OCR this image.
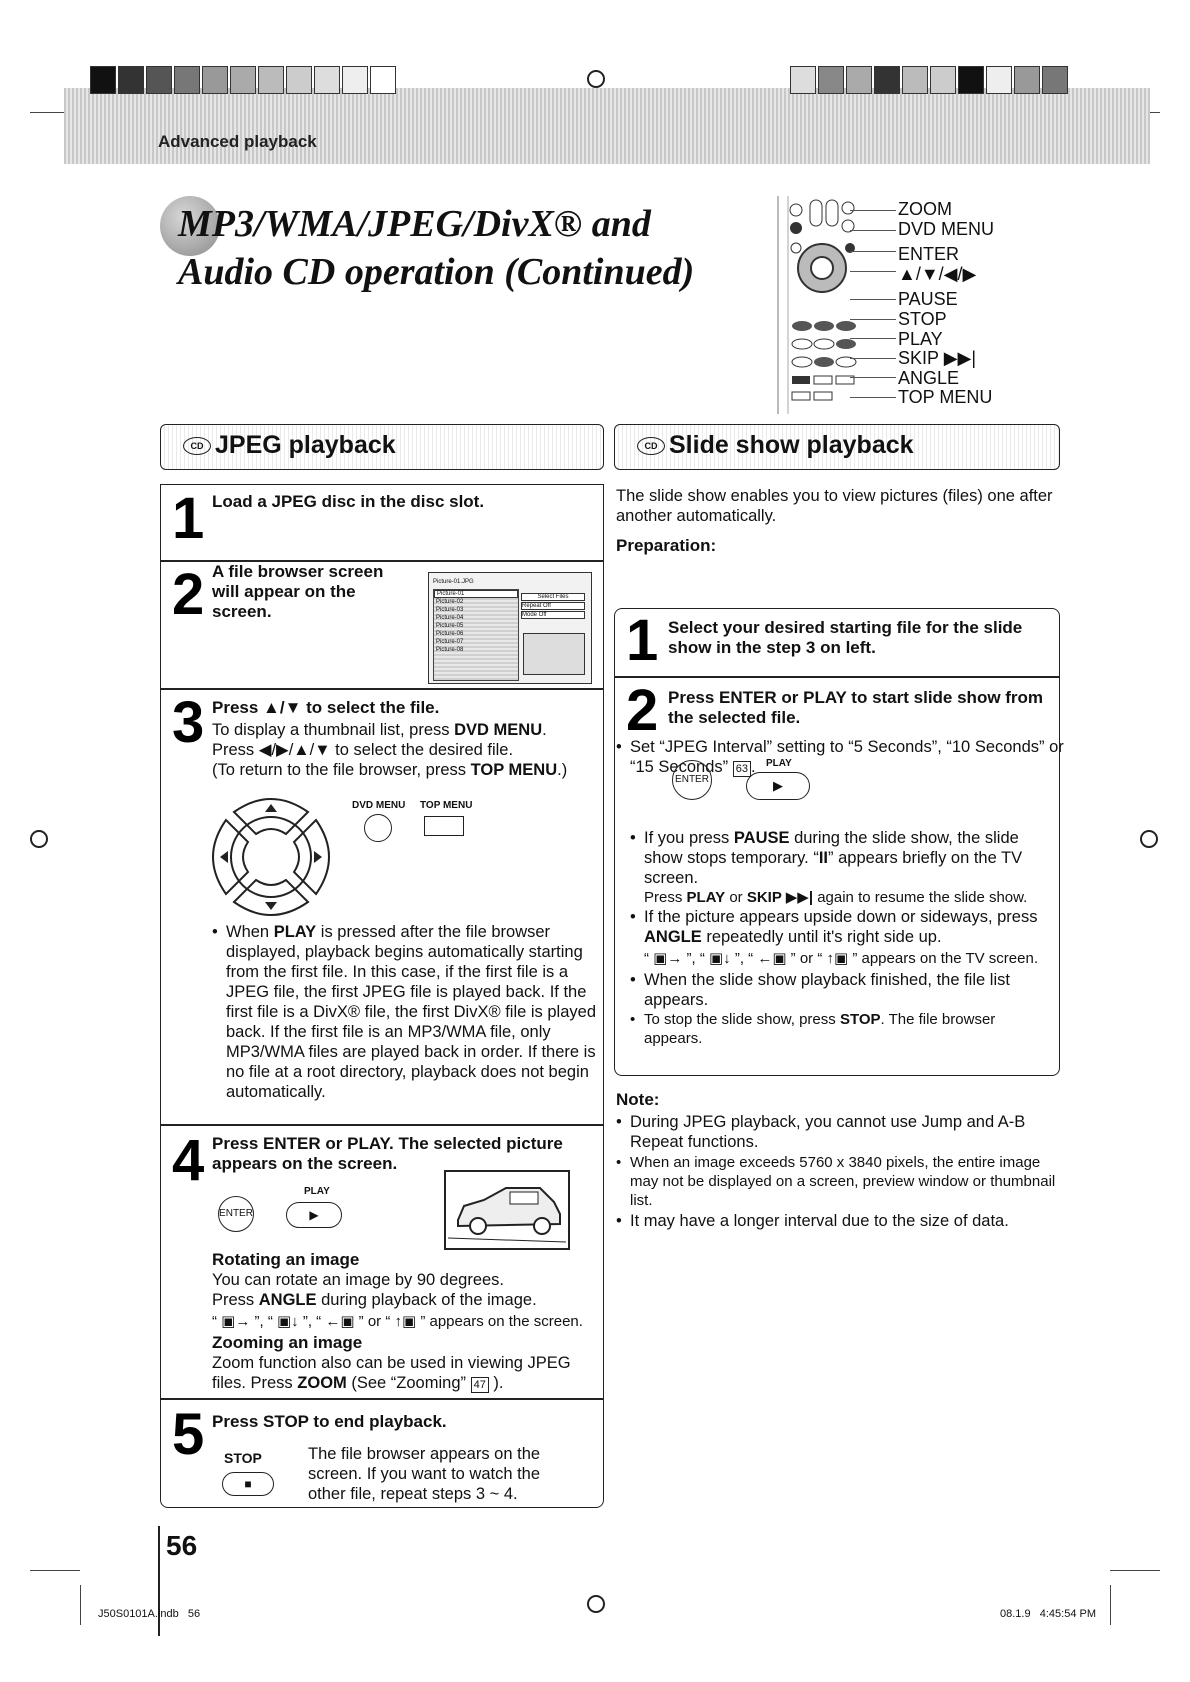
Advanced playback
MP3/WMA/JPEG/DivX® and Audio CD operation (Continued)
ZOOM
DVD MENU
ENTER
▲/▼/◀/▶
PAUSE
STOP
PLAY
SKIP ▶▶|
ANGLE
TOP MENU
CD JPEG playback
1 Load a JPEG disc in the disc slot.
2 A file browser screen will appear on the screen.
Picture-01.JPG
Picture-01
Picture-02
Picture-03
Picture-04
Picture-05
Picture-06
Picture-07
Picture-08
Select Files
Repeat Off
Mode Off
3 Press ▲/▼ to select the file.
To display a thumbnail list, press DVD MENU.
Press ◀/▶/▲/▼ to select the desired file.
(To return to the file browser, press TOP MENU.)
DVD MENU TOP MENU
• When PLAY is pressed after the file browser displayed, playback begins automatically starting from the first file. In this case, if the first file is a JPEG file, the first JPEG file is played back. If the first file is a DivX® file, the first DivX® file is played back. If the first file is an MP3/WMA file, only MP3/WMA files are played back in order. If there is no file at a root directory, playback does not begin automatically.
4 Press ENTER or PLAY. The selected picture appears on the screen.
ENTER
PLAY
▶
Rotating an image
You can rotate an image by 90 degrees.
Press ANGLE during playback of the image.
“ ▣→ ”, “ ▣↓ ”, “ ←▣ ” or “ ↑▣ ” appears on the screen.
Zooming an image
Zoom function also can be used in viewing JPEG
files. Press ZOOM (See “Zooming” 47 ).
5 Press STOP to end playback.
STOP
■
The file browser appears on the screen. If you want to watch the other file, repeat steps 3 ~ 4.
CD Slide show playback
The slide show enables you to view pictures (files) one after another automatically.
Preparation:
• Set “JPEG Interval” setting to “5 Seconds”, “10 Seconds” or “15 Seconds” 63 .
1 Select your desired starting file for the slide show in the step 3 on left.
2 Press ENTER or PLAY to start slide show from the selected file.
ENTER
PLAY
▶
• If you press PAUSE during the slide show, the slide show stops temporary. “II” appears briefly on the TV screen.
Press PLAY or SKIP ▶▶| again to resume the slide show.
• If the picture appears upside down or sideways, press ANGLE repeatedly until it's right side up.
“ ▣→ ”, “ ▣↓ ”, “ ←▣ ” or “ ↑▣ ” appears on the TV screen.
• When the slide show playback finished, the file list appears.
• To stop the slide show, press STOP. The file browser appears.
Note:
• During JPEG playback, you cannot use Jump and A-B Repeat functions.
• When an image exceeds 5760 x 3840 pixels, the entire image may not be displayed on a screen, preview window or thumbnail list.
• It may have a longer interval due to the size of data.
56
J50S0101A.indb   56	08.1.9   4:45:54 PM
